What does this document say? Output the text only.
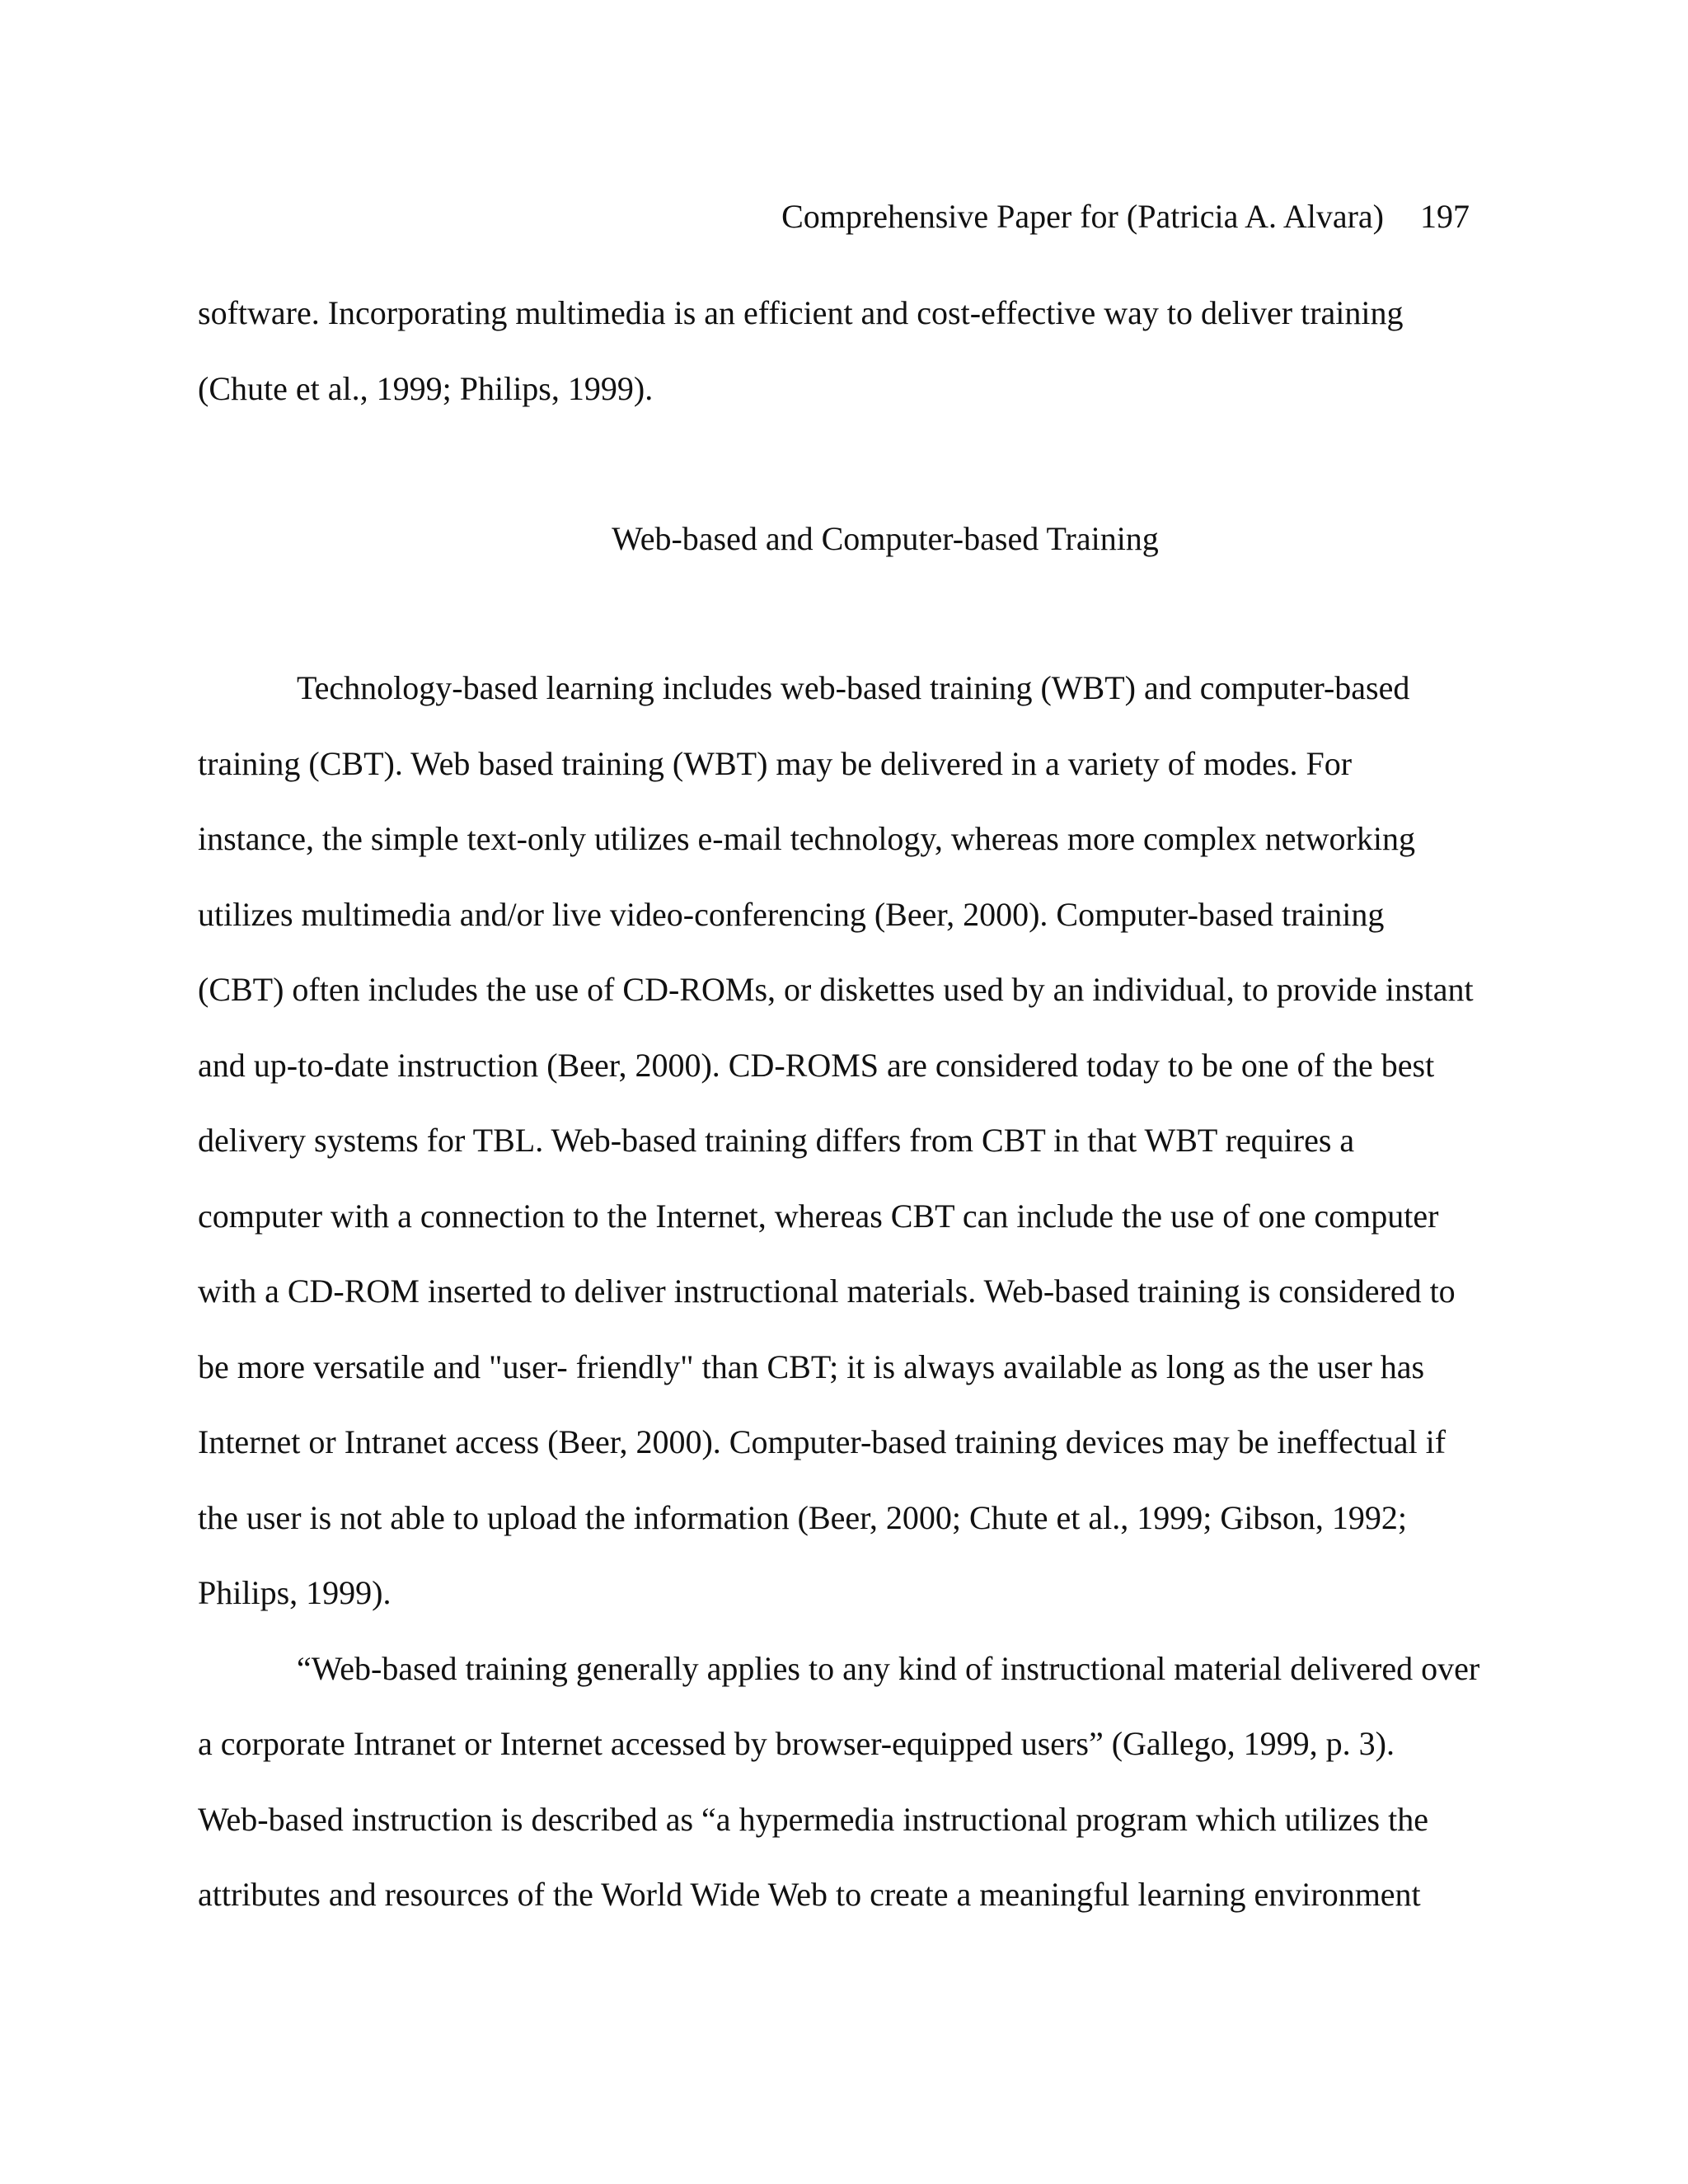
Comprehensive Paper for (Patricia A. Alvara) 197
software. Incorporating multimedia is an efficient and cost-effective way to deliver training
(Chute et al., 1999; Philips, 1999).
Web-based and Computer-based Training
Technology-based learning includes web-based training (WBT) and computer-based
training (CBT). Web based training (WBT) may be delivered in a variety of modes. For
instance, the simple text-only utilizes e-mail technology, whereas more complex networking
utilizes multimedia and/or live video-conferencing (Beer, 2000). Computer-based training
(CBT) often includes the use of CD-ROMs, or diskettes used by an individual, to provide instant
and up-to-date instruction (Beer, 2000). CD-ROMS are considered today to be one of the best
delivery systems for TBL. Web-based training differs from CBT in that WBT requires a
computer with a connection to the Internet, whereas CBT can include the use of one computer
with a CD-ROM inserted to deliver instructional materials. Web-based training is considered to
be more versatile and "user- friendly" than CBT; it is always available as long as the user has
Internet or Intranet access (Beer, 2000). Computer-based training devices may be ineffectual if
the user is not able to upload the information (Beer, 2000; Chute et al., 1999; Gibson, 1992;
Philips, 1999).
“Web-based training generally applies to any kind of instructional material delivered over
a corporate Intranet or Internet accessed by browser-equipped users” (Gallego, 1999, p. 3).
Web-based instruction is described as “a hypermedia instructional program which utilizes the
attributes and resources of the World Wide Web to create a meaningful learning environment
